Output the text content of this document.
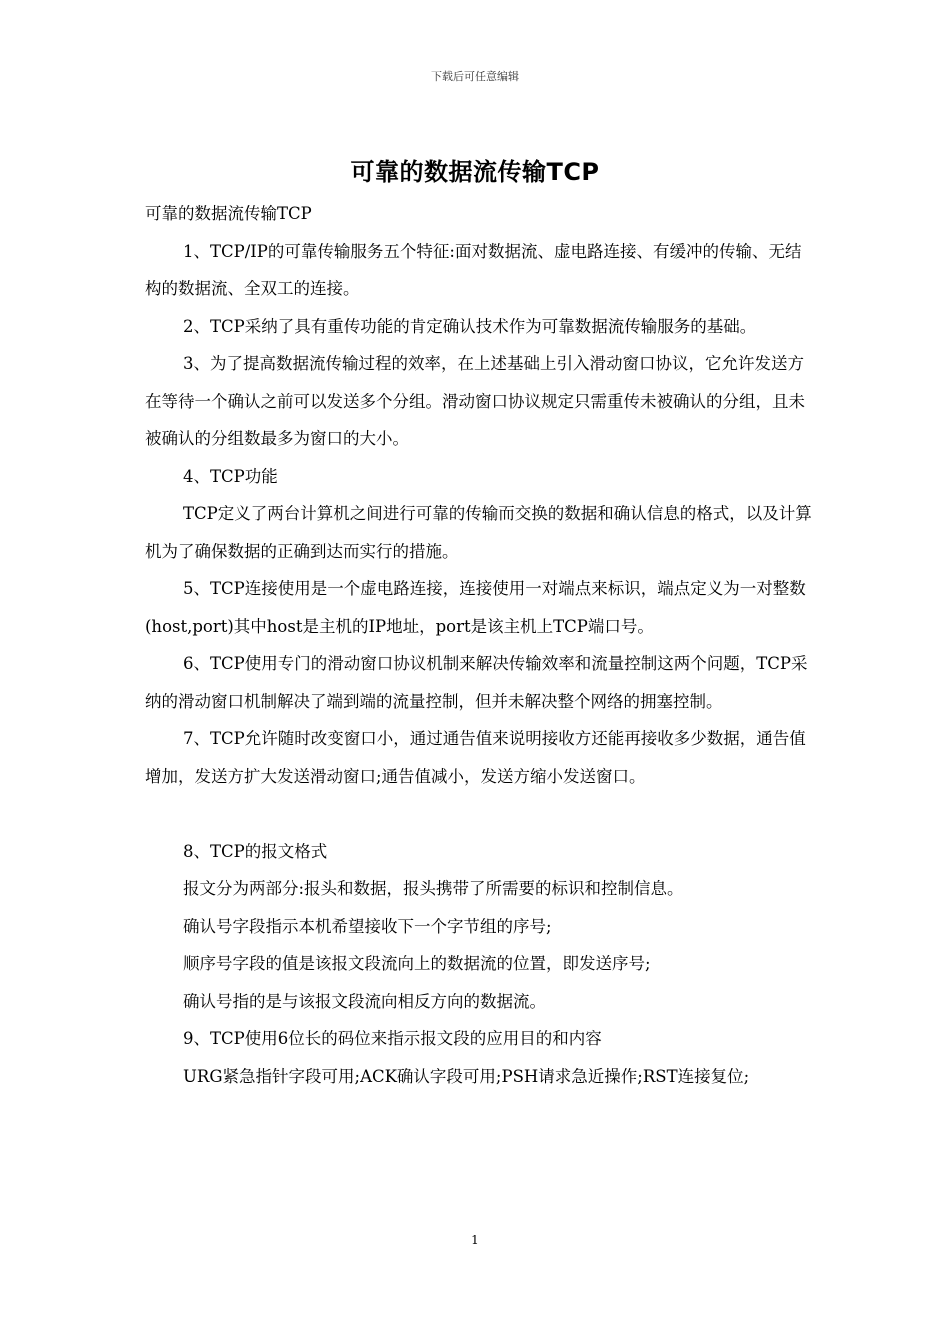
下载后可任意编辑
可靠的数据流传输TCP

可靠的数据流传输TCP

1、TCP/IP的可靠传输服务五个特征:面对数据流、虚电路连接、有缓冲的传输、无结构的数据流、全双工的连接。

2、TCP采纳了具有重传功能的肯定确认技术作为可靠数据流传输服务的基础。

3、为了提高数据流传输过程的效率，在上述基础上引入滑动窗口协议，它允许发送方在等待一个确认之前可以发送多个分组。滑动窗口协议规定只需重传未被确认的分组，且未被确认的分组数最多为窗口的大小。

4、TCP功能

TCP定义了两台计算机之间进行可靠的传输而交换的数据和确认信息的格式，以及计算机为了确保数据的正确到达而实行的措施。

5、TCP连接使用是一个虚电路连接，连接使用一对端点来标识，端点定义为一对整数(host,port)其中host是主机的IP地址，port是该主机上TCP端口号。

6、TCP使用专门的滑动窗口协议机制来解决传输效率和流量控制这两个问题，TCP采纳的滑动窗口机制解决了端到端的流量控制，但并未解决整个网络的拥塞控制。

7、TCP允许随时改变窗口小，通过通告值来说明接收方还能再接收多少数据，通告值增加，发送方扩大发送滑动窗口;通告值减小，发送方缩小发送窗口。

8、TCP的报文格式

报文分为两部分:报头和数据，报头携带了所需要的标识和控制信息。

确认号字段指示本机希望接收下一个字节组的序号;

顺序号字段的值是该报文段流向上的数据流的位置，即发送序号;

确认号指的是与该报文段流向相反方向的数据流。

9、TCP使用6位长的码位来指示报文段的应用目的和内容

URG紧急指针字段可用;ACK确认字段可用;PSH请求急近操作;RST连接复位;

1
